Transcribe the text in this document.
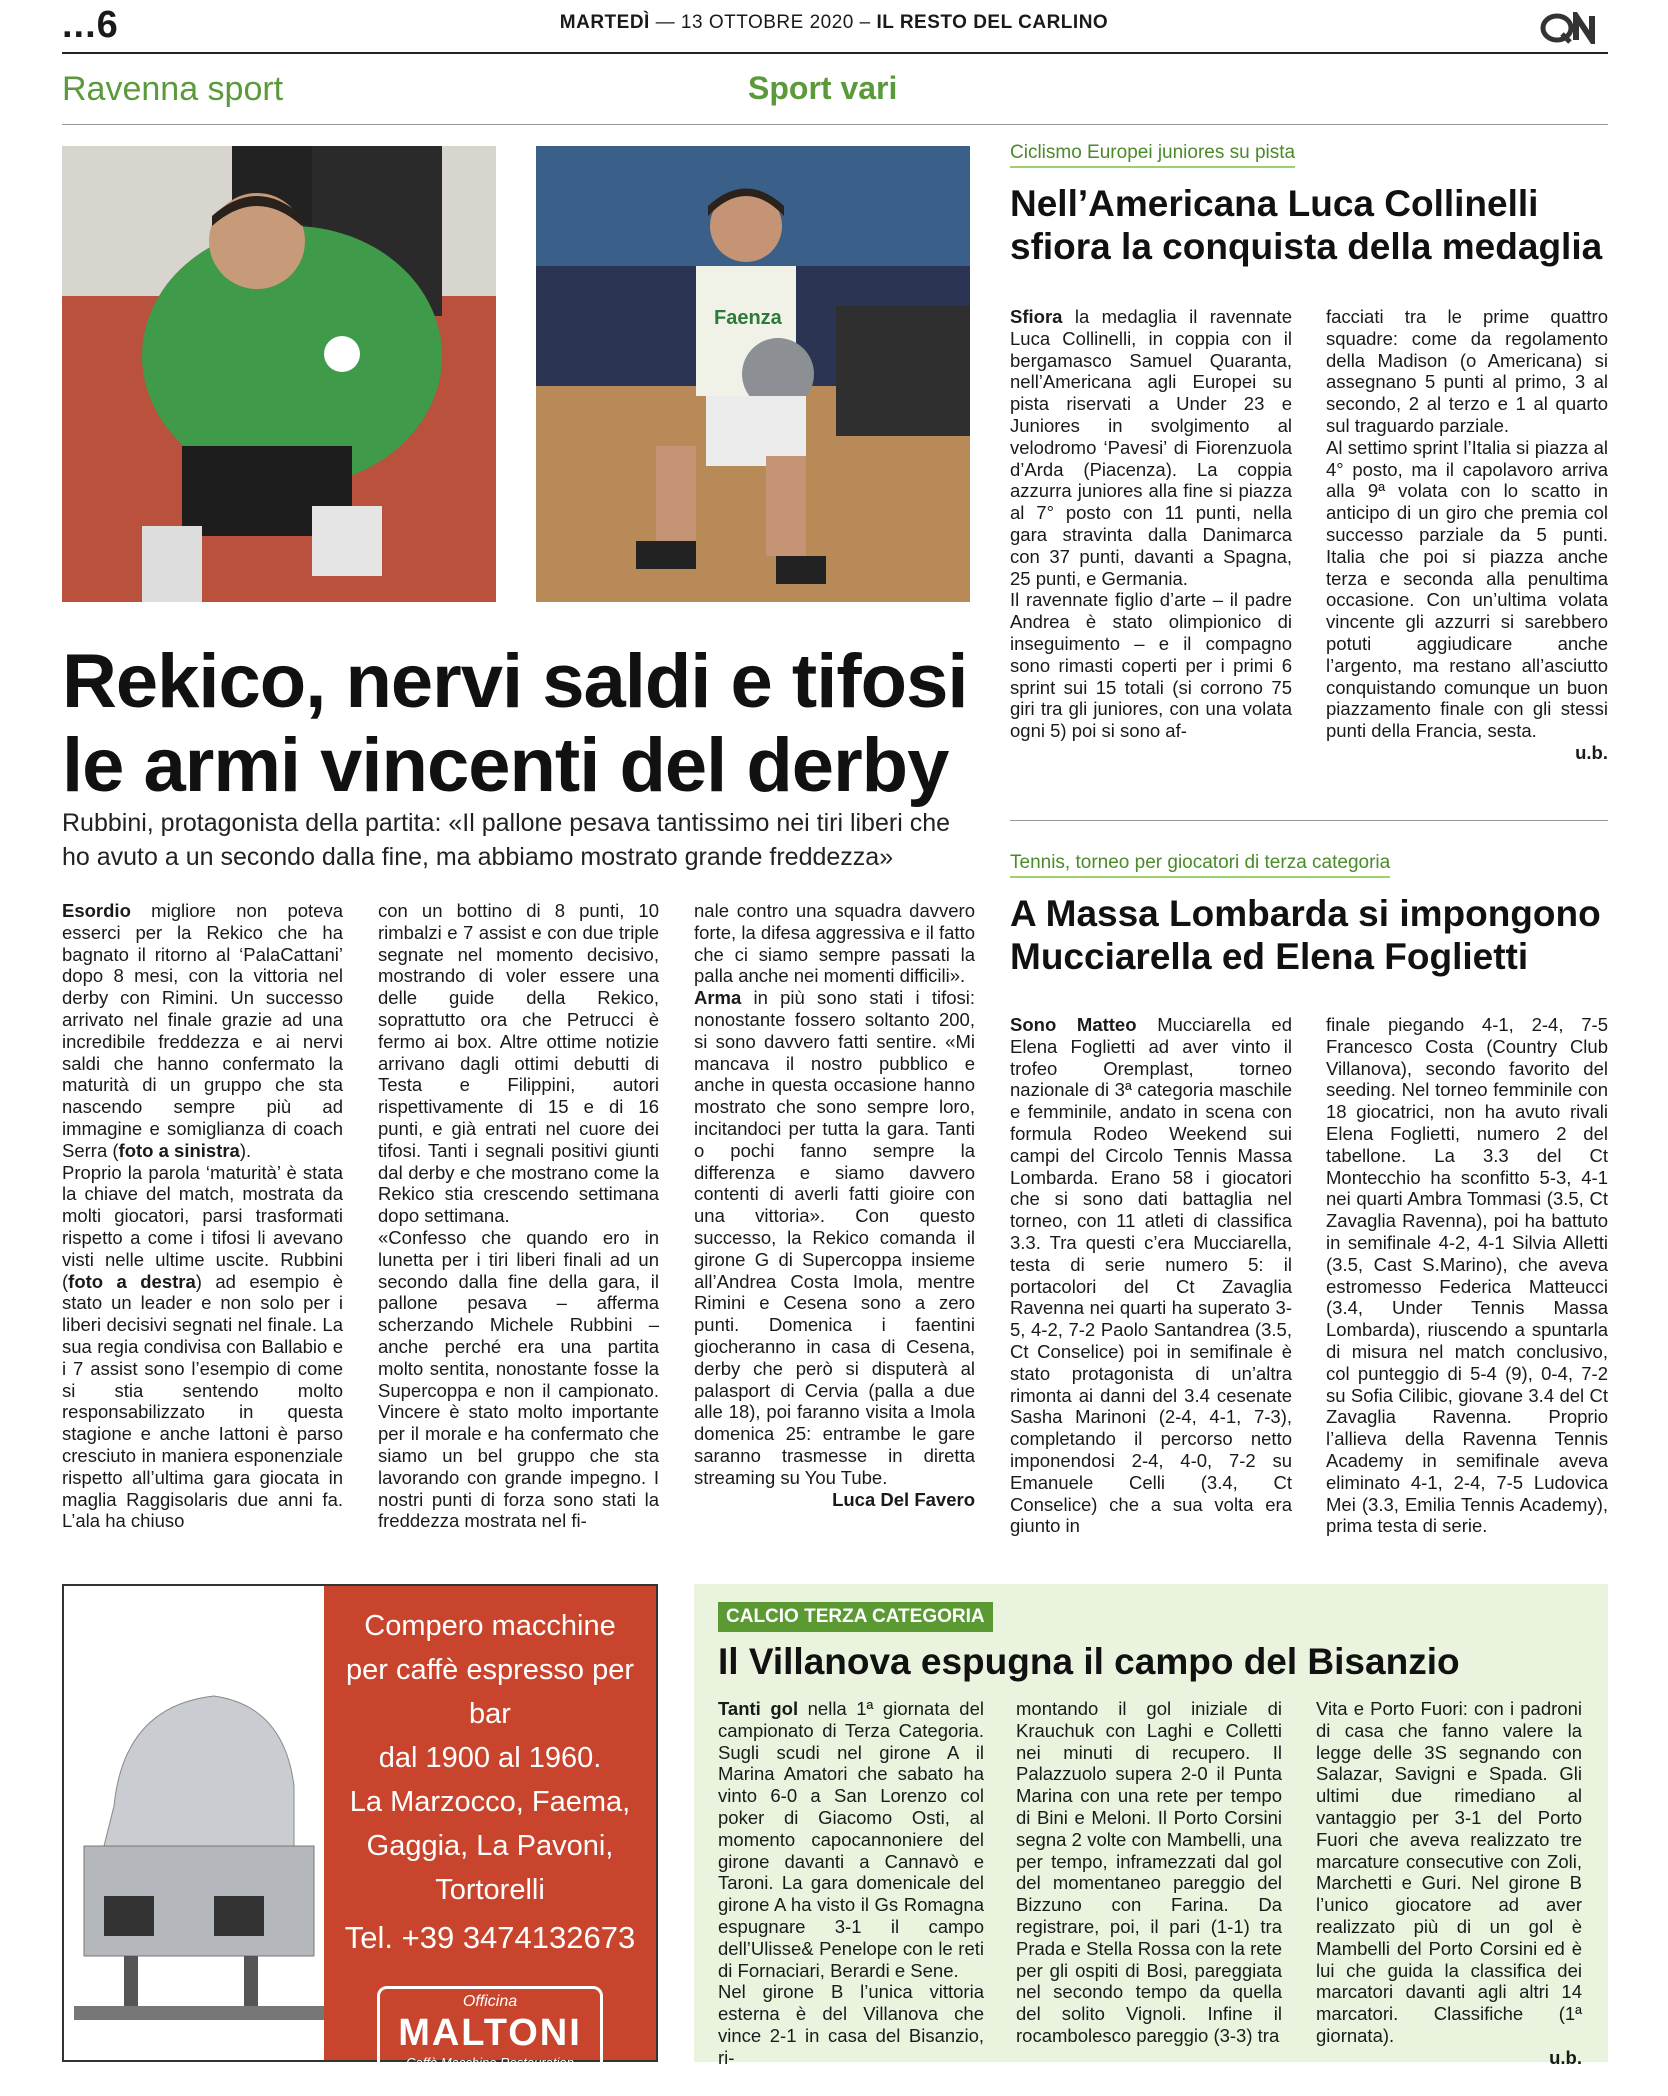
...6	MARTEDÌ — 13 OTTOBRE 2020 – IL RESTO DEL CARLINO
Ravenna sport	Sport vari
Faenza
Rekico, nervi saldi e tifosi
le armi vincenti del derby
Rubbini, protagonista della partita: «Il pallone pesava tantissimo nei tiri liberi che ho avuto a un secondo dalla fine, ma abbiamo mostrato grande freddezza»

Esordio migliore non poteva esserci per la Rekico che ha bagnato il ritorno al ‘PalaCattani’ dopo 8 mesi, con la vittoria nel derby con Rimini. Un successo arrivato nel finale grazie ad una incredibile freddezza e ai nervi saldi che hanno confermato la maturità di un gruppo che sta nascendo sempre più ad immagine e somiglianza di coach Serra (foto a sinistra).

Proprio la parola ‘maturità’ è stata la chiave del match, mostrata da molti giocatori, parsi trasformati rispetto a come i tifosi li avevano visti nelle ultime uscite. Rubbini (foto a destra) ad esempio è stato un leader e non solo per i liberi decisivi segnati nel finale. La sua regia condivisa con Ballabio e i 7 assist sono l’esempio di come si stia sentendo molto responsabilizzato in questa stagione e anche Iattoni è parso cresciuto in maniera esponenziale rispetto all’ultima gara giocata in maglia Raggisolaris due anni fa. L’ala ha chiuso

con un bottino di 8 punti, 10 rimbalzi e 7 assist e con due triple segnate nel momento decisivo, mostrando di voler essere una delle guide della Rekico, soprattutto ora che Petrucci è fermo ai box. Altre ottime notizie arrivano dagli ottimi debutti di Testa e Filippini, autori rispettivamente di 15 e di 16 punti, e già entrati nel cuore dei tifosi. Tanti i segnali positivi giunti dal derby e che mostrano come la Rekico stia crescendo settimana dopo settimana.

«Confesso che quando ero in lunetta per i tiri liberi finali ad un secondo dalla fine della gara, il pallone pesava – afferma scherzando Michele Rubbini – anche perché era una partita molto sentita, nonostante fosse la Supercoppa e non il campionato. Vincere è stato molto importante per il morale e ha confermato che siamo un bel gruppo che sta lavorando con grande impegno. I nostri punti di forza sono stati la freddezza mostrata nel fi-

nale contro una squadra davvero forte, la difesa aggressiva e il fatto che ci siamo sempre passati la palla anche nei momenti difficili».

Arma in più sono stati i tifosi: nonostante fossero soltanto 200, si sono davvero fatti sentire. «Mi mancava il nostro pubblico e anche in questa occasione hanno mostrato che sono sempre loro, incitandoci per tutta la gara. Tanti o pochi fanno sempre la differenza e siamo davvero contenti di averli fatti gioire con una vittoria». Con questo successo, la Rekico comanda il girone G di Supercoppa insieme all’Andrea Costa Imola, mentre Rimini e Cesena sono a zero punti. Domenica i faentini giocheranno in casa di Cesena, derby che però si disputerà al palasport di Cervia (palla a due alle 18), poi faranno visita a Imola domenica 25: entrambe le gare saranno trasmesse in diretta streaming su You Tube.

Luca Del Favero

Ciclismo Europei juniores su pista
Nell’Americana Luca Collinelli
sfiora la conquista della medaglia

Sfiora la medaglia il ravennate Luca Collinelli, in coppia con il bergamasco Samuel Quaranta, nell’Americana agli Europei su pista riservati a Under 23 e Juniores in svolgimento al velodromo ‘Pavesi’ di Fiorenzuola d’Arda (Piacenza). La coppia azzurra juniores alla fine si piazza al 7° posto con 11 punti, nella gara stravinta dalla Danimarca con 37 punti, davanti a Spagna, 25 punti, e Germania.

Il ravennate figlio d’arte – il padre Andrea è stato olimpionico di inseguimento – e il compagno sono rimasti coperti per i primi 6 sprint sui 15 totali (si corrono 75 giri tra gli juniores, con una volata ogni 5) poi si sono af-

facciati tra le prime quattro squadre: come da regolamento della Madison (o Americana) si assegnano 5 punti al primo, 3 al secondo, 2 al terzo e 1 al quarto sul traguardo parziale.

Al settimo sprint l’Italia si piazza al 4° posto, ma il capolavoro arriva alla 9ª volata con lo scatto in anticipo di un giro che premia col successo parziale da 5 punti. Italia che poi si piazza anche terza e seconda alla penultima occasione. Con un’ultima volata vincente gli azzurri si sarebbero potuti aggiudicare anche l’argento, ma restano all’asciutto conquistando comunque un buon piazzamento finale con gli stessi punti della Francia, sesta.

u.b.

Tennis, torneo per giocatori di terza categoria
A Massa Lombarda si impongono
Mucciarella ed Elena Foglietti

Sono Matteo Mucciarella ed Elena Foglietti ad aver vinto il trofeo Oremplast, torneo nazionale di 3ª categoria maschile e femminile, andato in scena con formula Rodeo Weekend sui campi del Circolo Tennis Massa Lombarda. Erano 58 i giocatori che si sono dati battaglia nel torneo, con 11 atleti di classifica 3.3. Tra questi c’era Mucciarella, testa di serie numero 5: il portacolori del Ct Zavaglia Ravenna nei quarti ha superato 3-5, 4-2, 7-2 Paolo Santandrea (3.5, Ct Conselice) poi in semifinale è stato protagonista di un’altra rimonta ai danni del 3.4 cesenate Sasha Marinoni (2-4, 4-1, 7-3), completando il percorso netto imponendosi 2-4, 4-0, 7-2 su Emanuele Celli (3.4, Ct Conselice) che a sua volta era giunto in

finale piegando 4-1, 2-4, 7-5 Francesco Costa (Country Club Villanova), secondo favorito del seeding. Nel torneo femminile con 18 giocatrici, non ha avuto rivali Elena Foglietti, numero 2 del tabellone. La 3.3 del Ct Montecchio ha sconfitto 5-3, 4-1 nei quarti Ambra Tommasi (3.5, Ct Zavaglia Ravenna), poi ha battuto in semifinale 4-2, 4-1 Silvia Alletti (3.5, Cast S.Marino), che aveva estromesso Federica Matteucci (3.4, Under Tennis Massa Lombarda), riuscendo a spuntarla di misura nel match conclusivo, col punteggio di 5-4 (9), 0-4, 7-2 su Sofia Cilibic, giovane 3.4 del Ct Zavaglia Ravenna. Proprio l’allieva della Ravenna Tennis Academy in semifinale aveva eliminato 4-1, 2-4, 7-5 Ludovica Mei (3.3, Emilia Tennis Academy), prima testa di serie.

Compero macchine
per caffè espresso per bar
dal 1900 al 1960.
La Marzocco, Faema,
Gaggia, La Pavoni, Tortorelli
Tel. +39 3474132673
Officina
MALTONI
Caffè Macchine Restauration
CALCIO TERZA CATEGORIA
Il Villanova espugna il campo del Bisanzio

Tanti gol nella 1ª giornata del campionato di Terza Categoria. Sugli scudi nel girone A il Marina Amatori che sabato ha vinto 6-0 a San Lorenzo col poker di Giacomo Osti, al momento capocannoniere del girone davanti a Cannavò e Taroni. La gara domenicale del girone A ha visto il Gs Romagna espugnare 3-1 il campo dell’Ulisse& Penelope con le reti di Fornaciari, Berardi e Sene.

Nel girone B l’unica vittoria esterna è del Villanova che vince 2-1 in casa del Bisanzio, ri-

montando il gol iniziale di Krauchuk con Laghi e Colletti nei minuti di recupero. Il Palazzuolo supera 2-0 il Punta Marina con una rete per tempo di Bini e Meloni. Il Porto Corsini segna 2 volte con Mambelli, una per tempo, inframezzati dal gol del momentaneo pareggio del Bizzuno con Farina. Da registrare, poi, il pari (1-1) tra Prada e Stella Rossa con la rete per gli ospiti di Bosi, pareggiata nel secondo tempo da quella del solito Vignoli. Infine il rocambolesco pareggio (3-3) tra

Vita e Porto Fuori: con i padroni di casa che fanno valere la legge delle 3S segnando con Salazar, Savigni e Spada. Gli ultimi due rimediano al vantaggio per 3-1 del Porto Fuori che aveva realizzato tre marcature consecutive con Zoli, Marchetti e Guri. Nel girone B l’unico giocatore ad aver realizzato più di un gol è Mambelli del Porto Corsini ed è lui che guida la classifica dei marcatori davanti agli altri 14 marcatori. Classifiche (1ª giornata).

u.b.
